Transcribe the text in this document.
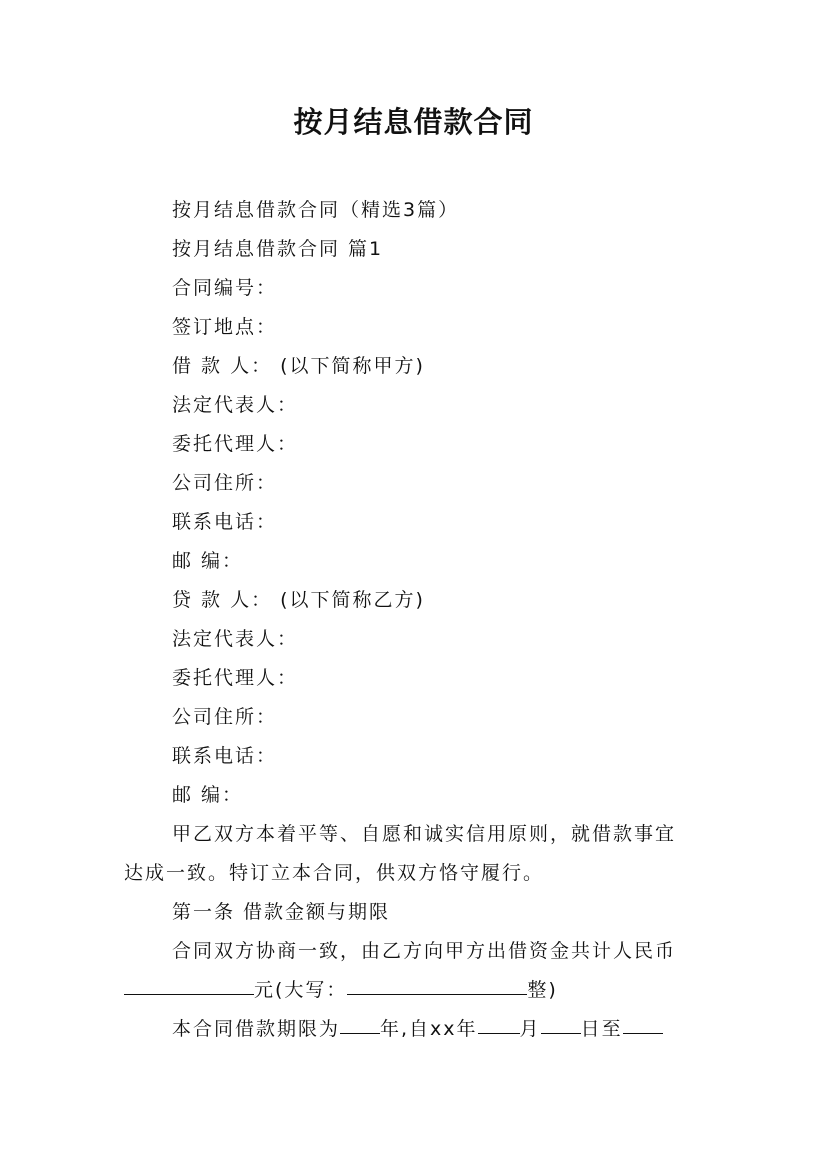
按月结息借款合同
按月结息借款合同（精选3篇）
按月结息借款合同 篇1
合同编号：
签订地点：
借 款 人： (以下简称甲方)
法定代表人：
委托代理人：
公司住所：
联系电话：
邮 编：
贷 款 人： (以下简称乙方)
法定代表人：
委托代理人：
公司住所：
联系电话：
邮 编：
甲乙双方本着平等、自愿和诚实信用原则，就借款事宜
达成一致。特订立本合同，供双方恪守履行。
第一条 借款金额与期限
合同双方协商一致，由乙方向甲方出借资金共计人民币
元(大写：	整)
本合同借款期限为 年,自xx年 月 日至
